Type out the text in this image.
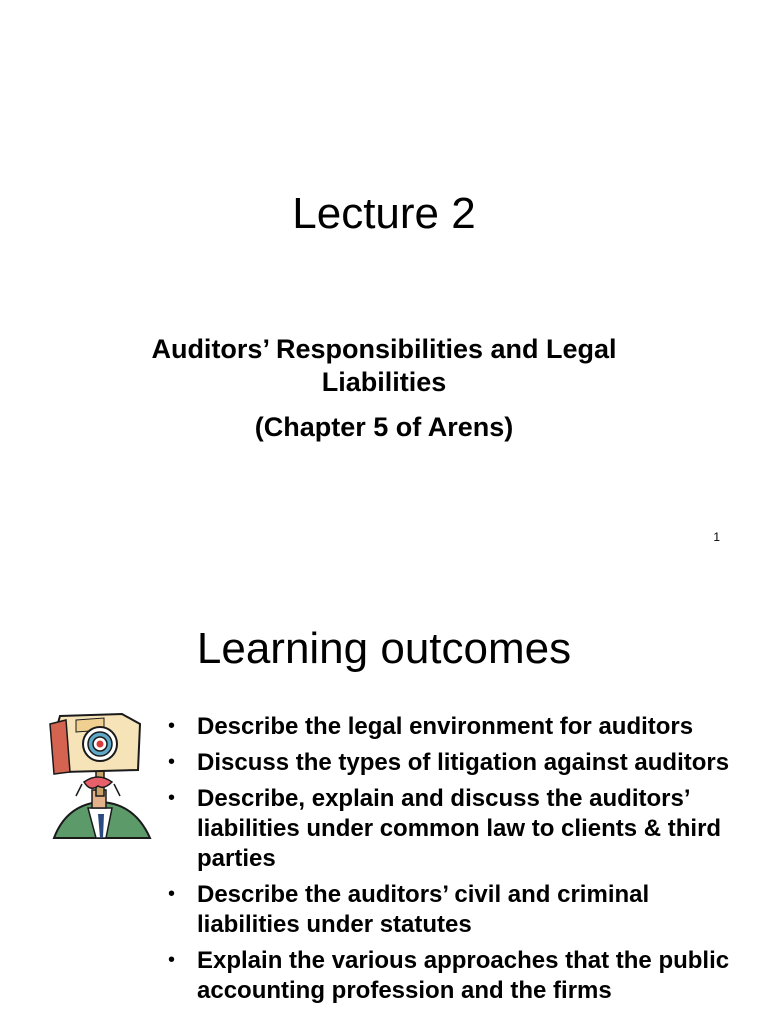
Lecture 2
Auditors’ Responsibilities and Legal Liabilities
(Chapter 5 of Arens)
1
Learning outcomes
• Describe the legal environment for auditors
• Discuss the types of litigation against auditors
• Describe, explain and discuss the auditors’ liabilities under common law to clients & third parties
• Describe the auditors’ civil and criminal liabilities under statutes
• Explain the various approaches that the public accounting profession and the firms
